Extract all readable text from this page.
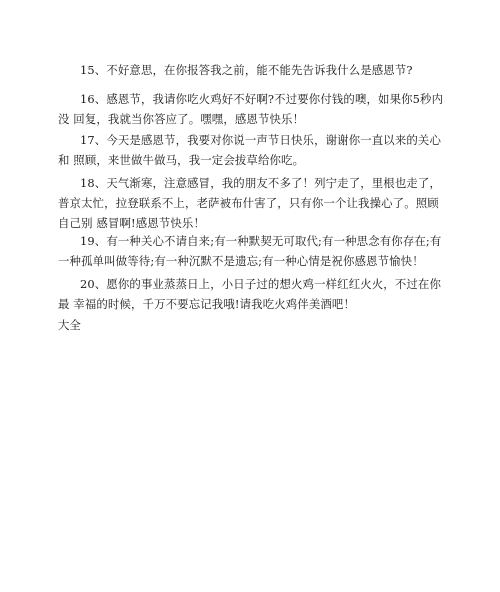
15、不好意思，在你报答我之前，能不能先告诉我什么是感恩节?

16、感恩节，我请你吃火鸡好不好啊?不过要你付钱的噢，如果你5秒内没 回复，我就当你答应了。嘿嘿，感恩节快乐！

17、今天是感恩节，我要对你说一声节日快乐，谢谢你一直以来的关心和 照顾，来世做牛做马，我一定会拔草给你吃。

18、天气渐寒，注意感冒，我的朋友不多了！列宁走了，里根也走了，普京太忙，拉登联系不上，老萨被布什害了，只有你一个让我操心了。照顾自己别 感冒啊!感恩节快乐！

19、有一种关心不请自来;有一种默契无可取代;有一种思念有你存在;有一种孤单叫做等待;有一种沉默不是遗忘;有一种心情是祝你感恩节愉快！

20、愿你的事业蒸蒸日上，小日子过的想火鸡一样红红火火，不过在你最 幸福的时候，千万不要忘记我哦!请我吃火鸡伴美酒吧！

大全
